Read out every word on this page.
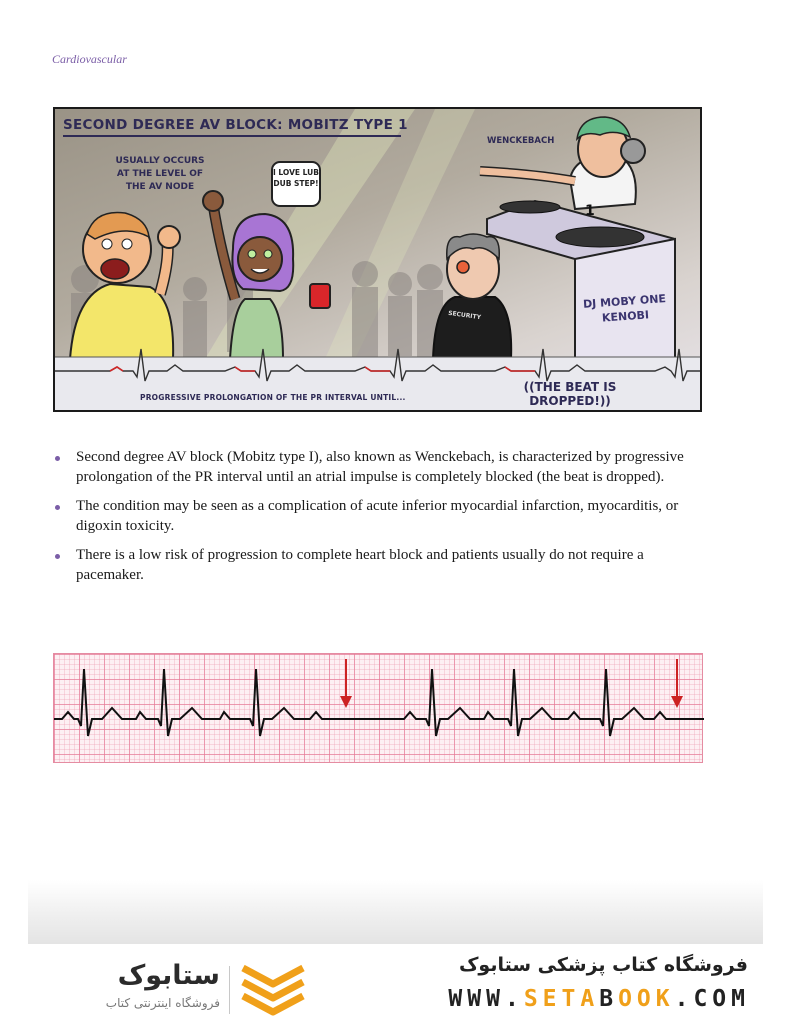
Cardiovascular
SECOND DEGREE AV BLOCK: MOBITZ TYPE 1
USUALLY OCCURS AT THE LEVEL OF THE AV NODE
I LOVE LUB DUB STEP!
WENCKEBACH
1
SECURITY
DJ MOBY ONE KENOBI
PROGRESSIVE PROLONGATION OF THE PR INTERVAL UNTIL...
((THE BEAT IS DROPPED!))
Second degree AV block (Mobitz type I), also known as Wenckebach, is characterized by progressive prolongation of the PR interval until an atrial impulse is completely blocked (the beat is dropped).
The condition may be seen as a complication of acute inferior myocardial infarction, myocarditis, or digoxin toxicity.
There is a low risk of progression to complete heart block and patients usually do not require a pacemaker.
ستابوک
فروشگاه اینترنتی کتاب
فروشگاه کتاب پزشکی ستابوک
WWW.SETABOOK.COM
